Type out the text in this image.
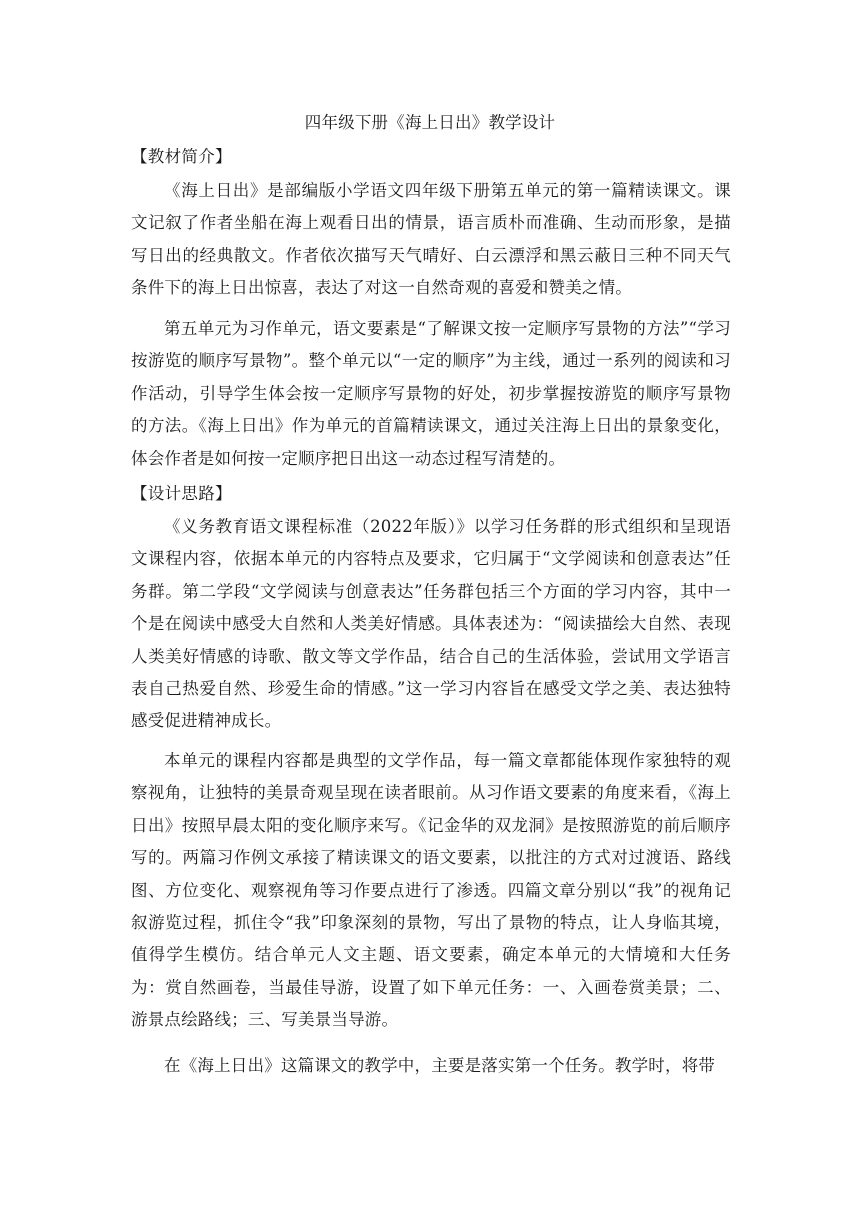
四年级下册《海上日出》教学设计
【教材简介】

《海上日出》是部编版小学语文四年级下册第五单元的第一篇精读课文。课文记叙了作者坐船在海上观看日出的情景，语言质朴而准确、生动而形象，是描写日出的经典散文。作者依次描写天气晴好、白云漂浮和黑云蔽日三种不同天气条件下的海上日出惊喜，表达了对这一自然奇观的喜爱和赞美之情。

第五单元为习作单元，语文要素是“了解课文按一定顺序写景物的方法”“学习按游览的顺序写景物”。整个单元以“一定的顺序”为主线，通过一系列的阅读和习作活动，引导学生体会按一定顺序写景物的好处，初步掌握按游览的顺序写景物的方法。《海上日出》作为单元的首篇精读课文，通过关注海上日出的景象变化，体会作者是如何按一定顺序把日出这一动态过程写清楚的。

【设计思路】

《义务教育语文课程标准（2022年版）》以学习任务群的形式组织和呈现语文课程内容，依据本单元的内容特点及要求，它归属于“文学阅读和创意表达”任务群。第二学段“文学阅读与创意表达”任务群包括三个方面的学习内容，其中一个是在阅读中感受大自然和人类美好情感。具体表述为：“阅读描绘大自然、表现人类美好情感的诗歌、散文等文学作品，结合自己的生活体验，尝试用文学语言表自己热爱自然、珍爱生命的情感。”这一学习内容旨在感受文学之美、表达独特感受促进精神成长。

本单元的课程内容都是典型的文学作品，每一篇文章都能体现作家独特的观察视角，让独特的美景奇观呈现在读者眼前。从习作语文要素的角度来看，《海上日出》按照早晨太阳的变化顺序来写。《记金华的双龙洞》是按照游览的前后顺序写的。两篇习作例文承接了精读课文的语文要素，以批注的方式对过渡语、路线图、方位变化、观察视角等习作要点进行了渗透。四篇文章分别以“我”的视角记叙游览过程，抓住令“我”印象深刻的景物，写出了景物的特点，让人身临其境，值得学生模仿。结合单元人文主题、语文要素，确定本单元的大情境和大任务为：赏自然画卷，当最佳导游，设置了如下单元任务：一、入画卷赏美景；二、游景点绘路线；三、写美景当导游。

在《海上日出》这篇课文的教学中，主要是落实第一个任务。教学时，将带
